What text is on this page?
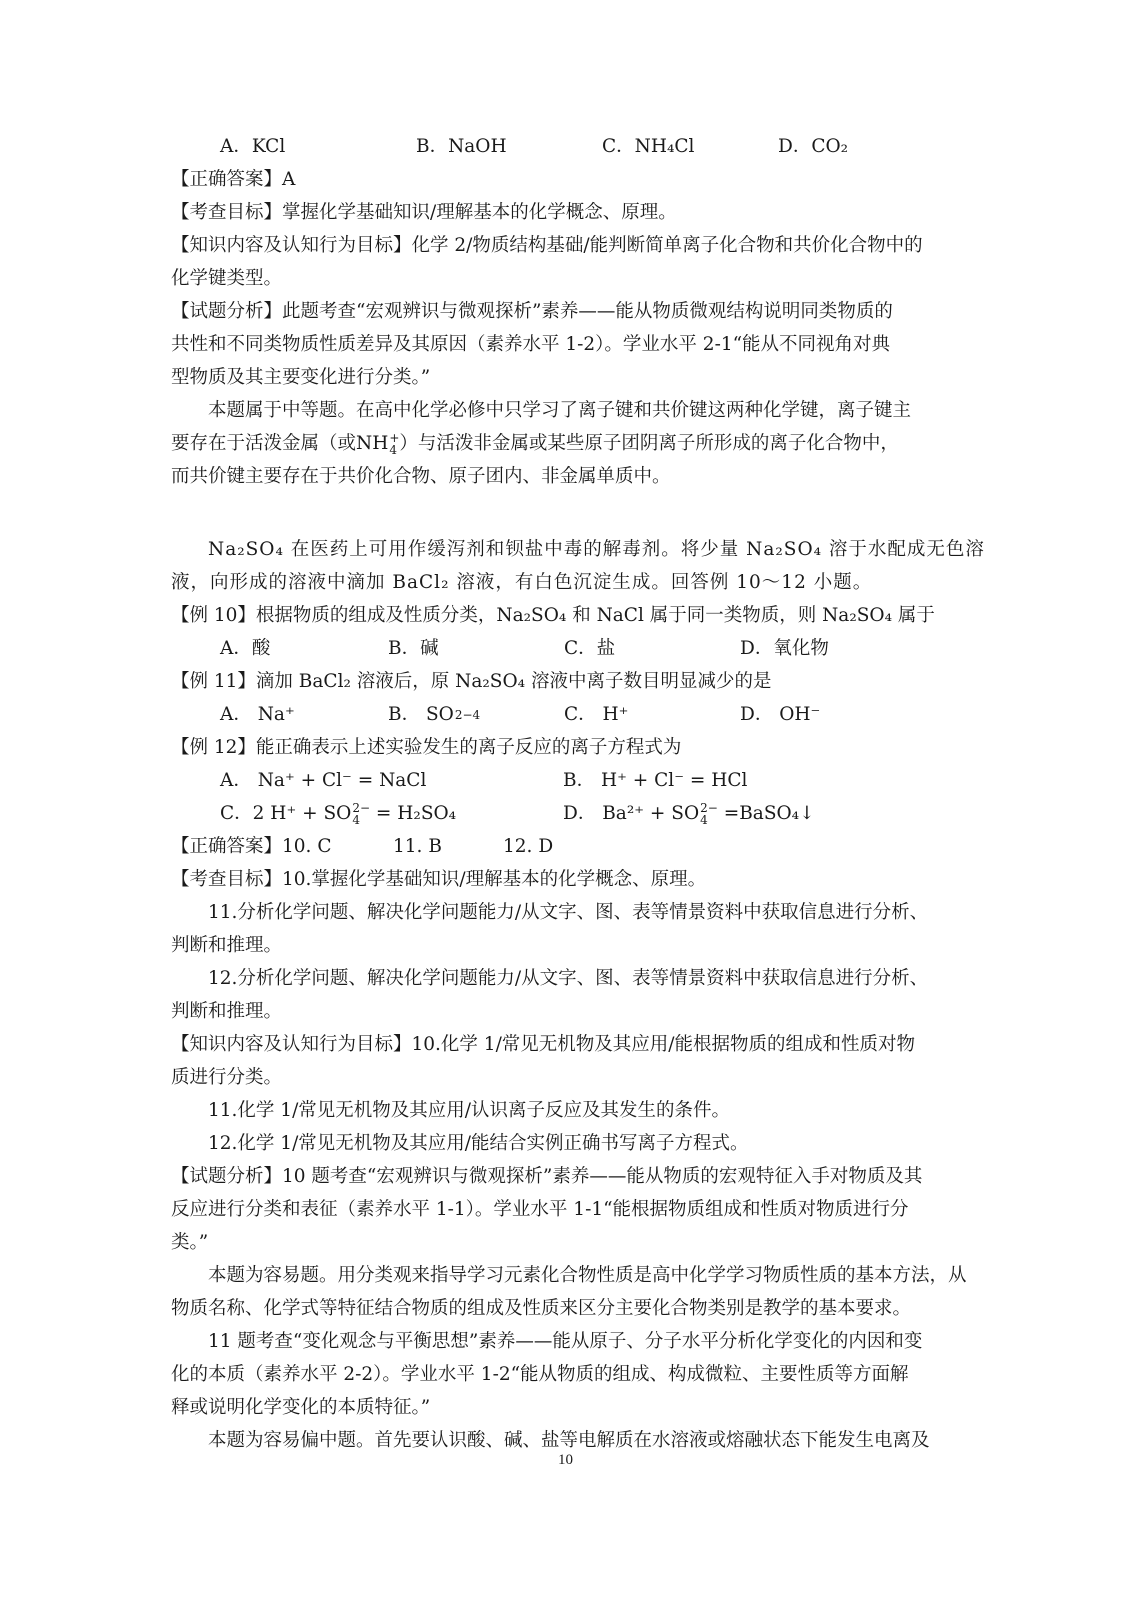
A．KCl	B．NaOH	C．NH₄Cl	D．CO₂
【正确答案】A
【考查目标】掌握化学基础知识/理解基本的化学概念、原理。
【知识内容及认知行为目标】化学 2/物质结构基础/能判断简单离子化合物和共价化合物中的
化学键类型。
【试题分析】此题考查“宏观辨识与微观探析”素养——能从物质微观结构说明同类物质的
共性和不同类物质性质差异及其原因（素养水平 1-2）。学业水平 2-1“能从不同视角对典
型物质及其主要变化进行分类。”
本题属于中等题。在高中化学必修中只学习了离子键和共价键这两种化学键，离子键主
要存在于活泼金属（或NH +
4 ）与活泼非金属或某些原子团阴离子所形成的离子化合物中，
而共价键主要存在于共价化合物、原子团内、非金属单质中。
Na₂SO₄ 在医药上可用作缓泻剂和钡盐中毒的解毒剂。将少量 Na₂SO₄ 溶于水配成无色溶
液，向形成的溶液中滴加 BaCl₂ 溶液，有白色沉淀生成。回答例 10～12 小题。
【例 10】根据物质的组成及性质分类，Na₂SO₄ 和 NaCl 属于同一类物质，则 Na₂SO₄ 属于
A．酸	B．碱	C．盐	D．氧化物
【例 11】滴加 BaCl₂ 溶液后，原 Na₂SO₄ 溶液中离子数目明显减少的是
A． Na⁺	B． SO2−4	C． H⁺	D． OH⁻
【例 12】能正确表示上述实验发生的离子反应的离子方程式为
A． Na⁺ + Cl⁻ = NaCl	B． H⁺ + Cl⁻ = HCl
C．2 H⁺ + SO 2−
4 = H₂SO₄	D． Ba²⁺ + SO 2−
4 =BaSO₄↓
【正确答案】 10. C	11. B	12. D
【考查目标】10.掌握化学基础知识/理解基本的化学概念、原理。
11.分析化学问题、解决化学问题能力/从文字、图、表等情景资料中获取信息进行分析、
判断和推理。
12.分析化学问题、解决化学问题能力/从文字、图、表等情景资料中获取信息进行分析、
判断和推理。
【知识内容及认知行为目标】10.化学 1/常见无机物及其应用/能根据物质的组成和性质对物
质进行分类。
11.化学 1/常见无机物及其应用/认识离子反应及其发生的条件。
12.化学 1/常见无机物及其应用/能结合实例正确书写离子方程式。
【试题分析】10 题考查“宏观辨识与微观探析”素养——能从物质的宏观特征入手对物质及其
反应进行分类和表征（素养水平 1-1）。学业水平 1-1“能根据物质组成和性质对物质进行分
类。”
本题为容易题。用分类观来指导学习元素化合物性质是高中化学学习物质性质的基本方法，从
物质名称、化学式等特征结合物质的组成及性质来区分主要化合物类别是教学的基本要求。
11 题考查“变化观念与平衡思想”素养——能从原子、分子水平分析化学变化的内因和变
化的本质（素养水平 2-2）。学业水平 1-2“能从物质的组成、构成微粒、主要性质等方面解
释或说明化学变化的本质特征。”
本题为容易偏中题。首先要认识酸、碱、盐等电解质在水溶液或熔融状态下能发生电离及
10
